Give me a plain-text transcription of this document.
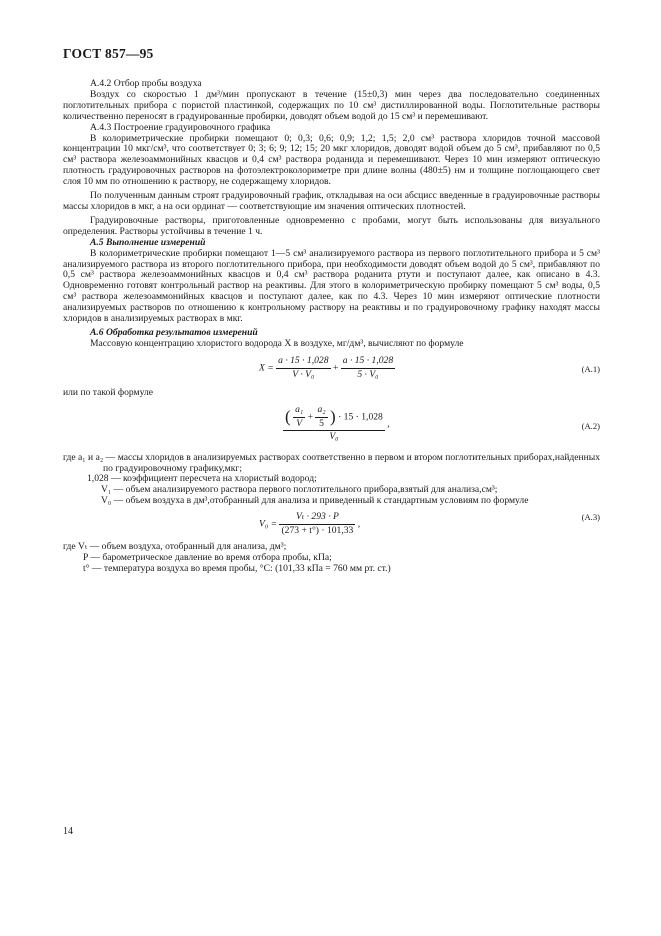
ГОСТ 857—95

А.4.2 Отбор пробы воздуха

Воздух со скоростью 1 дм³/мин пропускают в течение (15±0,3) мин через два последовательно соединенных поглотительных прибора с пористой пластинкой, содержащих по 10 см³ дистиллированной воды. Поглотительные растворы количественно переносят в градуированные пробирки, доводят объем водой до 15 см³ и перемешивают.

А.4.3 Построение градуировочного графика

В колориметрические пробирки помещают 0; 0,3; 0,6; 0,9; 1,2; 1,5; 2,0 см³ раствора хлоридов точной массовой концентрации 10 мкг/см³, что соответствует 0; 3; 6; 9; 12; 15; 20 мкг хлоридов, доводят водой объем до 5 см³, прибавляют по 0,5 см³ раствора железоаммонийных квасцов и 0,4 см³ раствора роданида и перемешивают. Через 10 мин измеряют оптическую плотность градуировочных растворов на фотоэлектроколориметре при длине волны (480±5) нм и толщине поглощающего свет слоя 10 мм по отношению к раствору, не содержащему хлоридов.

По полученным данным строят градуировочный график, откладывая на оси абсцисс введенные в градуировочные растворы массы хлоридов в мкг, а на оси ординат — соответствующие им значения оптических плотностей.

Градуировочные растворы, приготовленные одновременно с пробами, могут быть использованы для визуального определения. Растворы устойчивы в течение 1 ч.

А.5 Выполнение измерений

В колориметрические пробирки помещают 1—5 см³ анализируемого раствора из первого поглотительного прибора и 5 см³ анализируемого раствора из второго поглотительного прибора, при необходимости доводят объем водой до 5 см³, прибавляют по 0,5 см³ раствора железоаммонийных квасцов и 0,4 см³ раствора роданита ртути и поступают далее, как описано в 4.3. Одновременно готовят контрольный раствор на реактивы. Для этого в колориметрическую пробирку помещают 5 см³ воды, 0,5 см³ раствора железоаммонийных квасцов и поступают далее, как по 4.3. Через 10 мин измеряют оптические плотности анализируемых растворов по отношению к контрольному раствору на реактивы и по градуировочному графику находят массы хлоридов в анализируемых растворах в мкг.

А.6 Обработка результатов измерений

Массовую концентрацию хлористого водорода X в воздухе, мг/дм³, вычисляют по формуле

$X = \frac{a \cdot 15 \cdot 1,028}{\text{V · V₀}} + \frac{a \cdot 15 \cdot 1,028}{\text{5 · V₀}}$	(А.1)

или по такой формуле

( $\frac{\text{a₁}}{V} + \frac{\text{a₂}}{5}$ ) · 15 · 1,028
V₀
,	(А.2)

где a₁ и a₂ — массы хлоридов в анализируемых растворах соответственно в первом и втором поглотительных приборах,найденных по градуировочному графику,мкг;

1,028 — коэффициент пересчета на хлористый водород;

V₁ — объем анализируемого раствора первого поглотительного прибора,взятый для анализа,см³;

V₀ — объем воздуха в дм³,отобранный для анализа и приведенный к стандартным условиям по формуле

$V_0 = \frac{\text{Vₜ · 293 · P}}{(273 + t^\circ) \cdot 101,33}$ ,
(А.3)

где Vₜ — объем воздуха, отобранный для анализа, дм³;

P — барометрическое давление во время отбора пробы, кПа;

t° — температура воздуха во время пробы, °С: (101,33 кПа = 760 мм рт. ст.)

14
